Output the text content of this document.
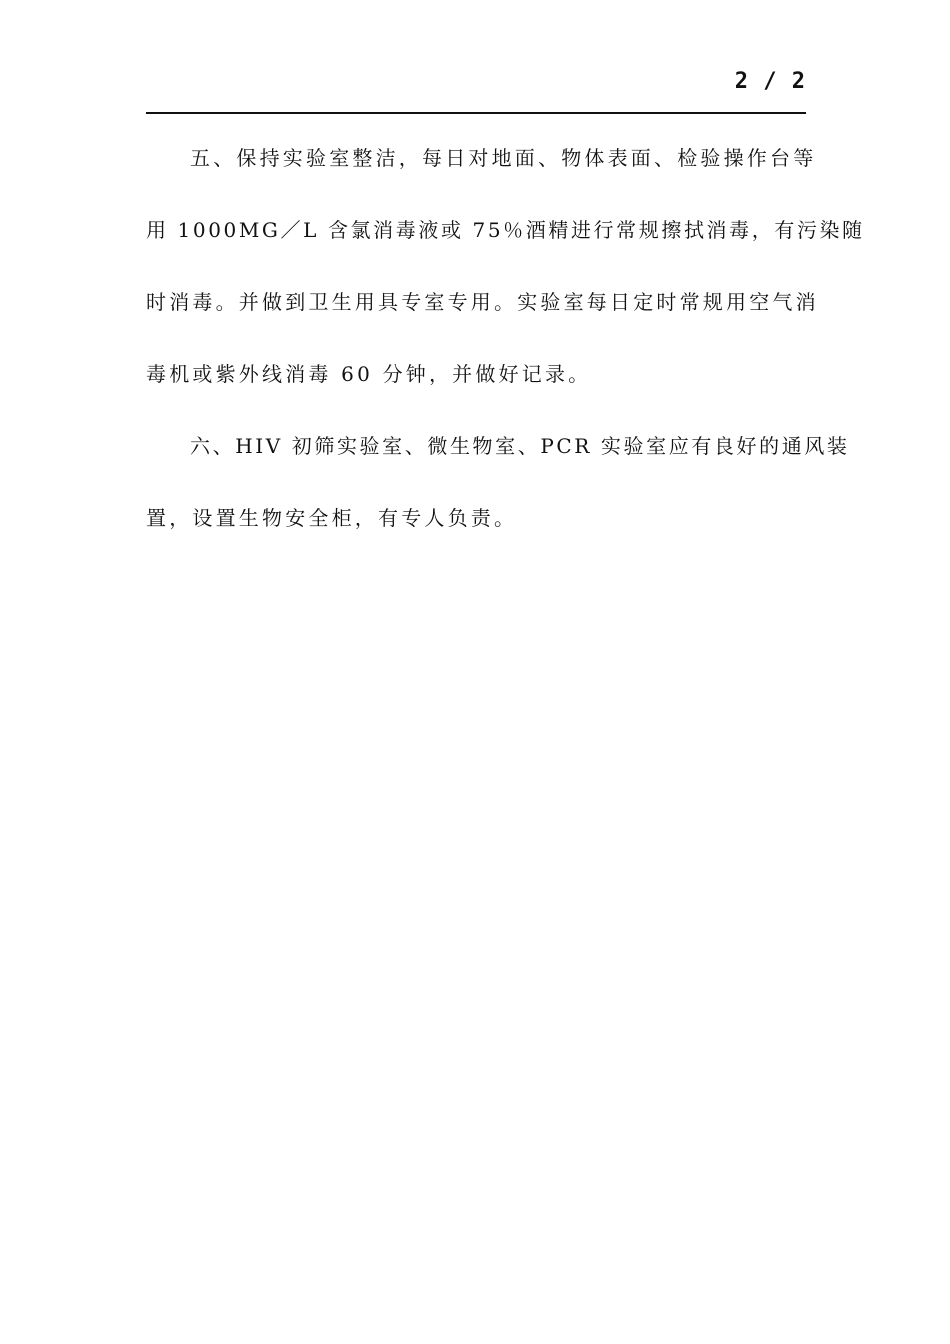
2 / 2
五、保持实验室整洁，每日对地面、物体表面、检验操作台等
用 1000MG／L 含氯消毒液或 75％酒精进行常规擦拭消毒，有污染随
时消毒。并做到卫生用具专室专用。实验室每日定时常规用空气消
毒机或紫外线消毒 60 分钟，并做好记录。
六、HIV 初筛实验室、微生物室、PCR 实验室应有良好的通风装
置，设置生物安全柜，有专人负责。
